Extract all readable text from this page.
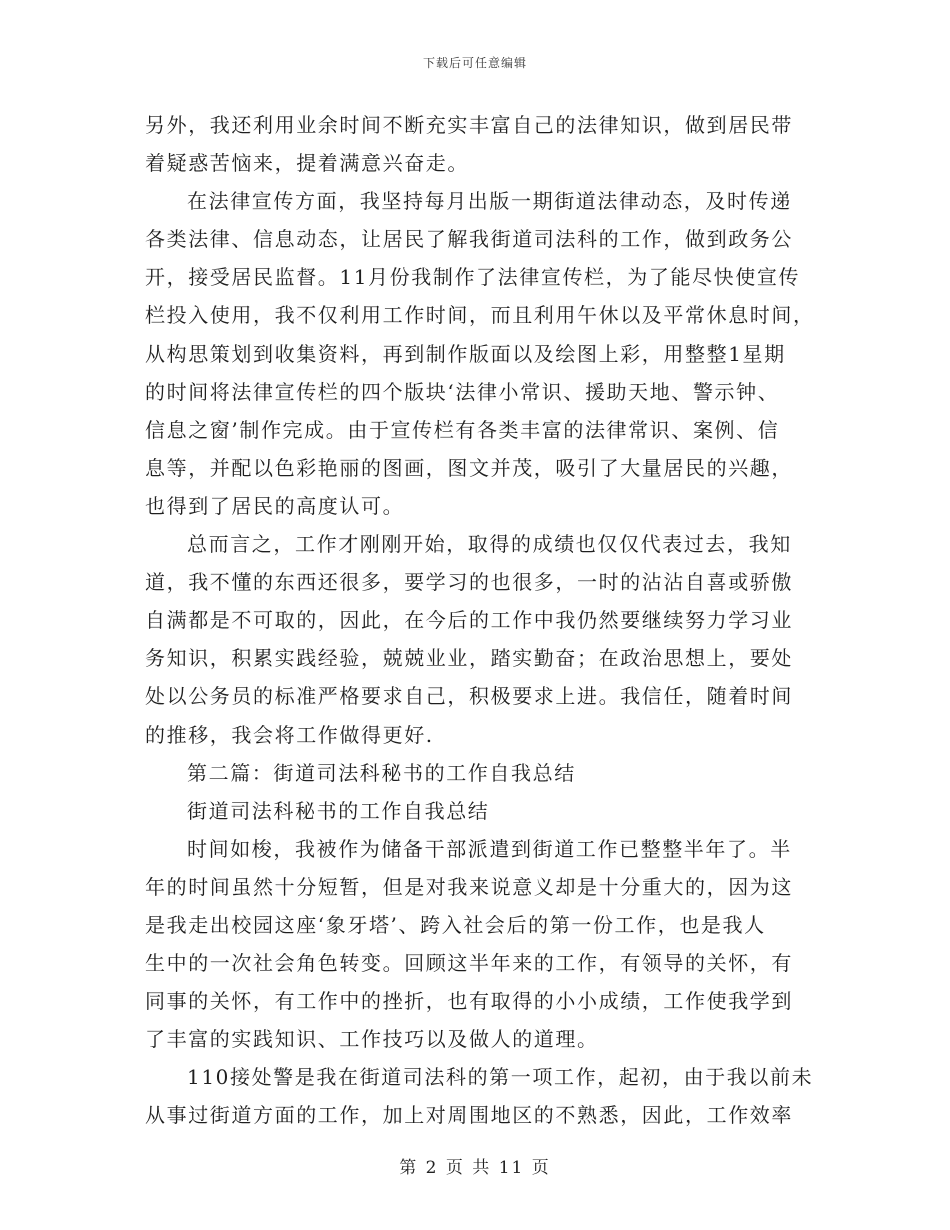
下载后可任意编辑
另外，我还利用业余时间不断充实丰富自己的法律知识，做到居民带
着疑惑苦恼来，提着满意兴奋走。
在法律宣传方面，我坚持每月出版一期街道法律动态，及时传递
各类法律、信息动态，让居民了解我街道司法科的工作，做到政务公
开，接受居民监督。11月份我制作了法律宣传栏，为了能尽快使宣传
栏投入使用，我不仅利用工作时间，而且利用午休以及平常休息时间，
从构思策划到收集资料，再到制作版面以及绘图上彩，用整整1星期
的时间将法律宣传栏的四个版块‘法律小常识、援助天地、警示钟、
信息之窗’制作完成。由于宣传栏有各类丰富的法律常识、案例、信
息等，并配以色彩艳丽的图画，图文并茂，吸引了大量居民的兴趣，
也得到了居民的高度认可。
总而言之，工作才刚刚开始，取得的成绩也仅仅代表过去，我知
道，我不懂的东西还很多，要学习的也很多，一时的沾沾自喜或骄傲
自满都是不可取的，因此，在今后的工作中我仍然要继续努力学习业
务知识，积累实践经验，兢兢业业，踏实勤奋；在政治思想上，要处
处以公务员的标准严格要求自己，积极要求上进。我信任，随着时间
的推移，我会将工作做得更好.
第二篇：街道司法科秘书的工作自我总结
街道司法科秘书的工作自我总结
时间如梭，我被作为储备干部派遣到街道工作已整整半年了。半
年的时间虽然十分短暂，但是对我来说意义却是十分重大的，因为这
是我走出校园这座‘象牙塔’、跨入社会后的第一份工作，也是我人
生中的一次社会角色转变。回顾这半年来的工作，有领导的关怀，有
同事的关怀，有工作中的挫折，也有取得的小小成绩，工作使我学到
了丰富的实践知识、工作技巧以及做人的道理。
110接处警是我在街道司法科的第一项工作，起初，由于我以前未
从事过街道方面的工作，加上对周围地区的不熟悉，因此，工作效率
第 2 页 共 11 页
